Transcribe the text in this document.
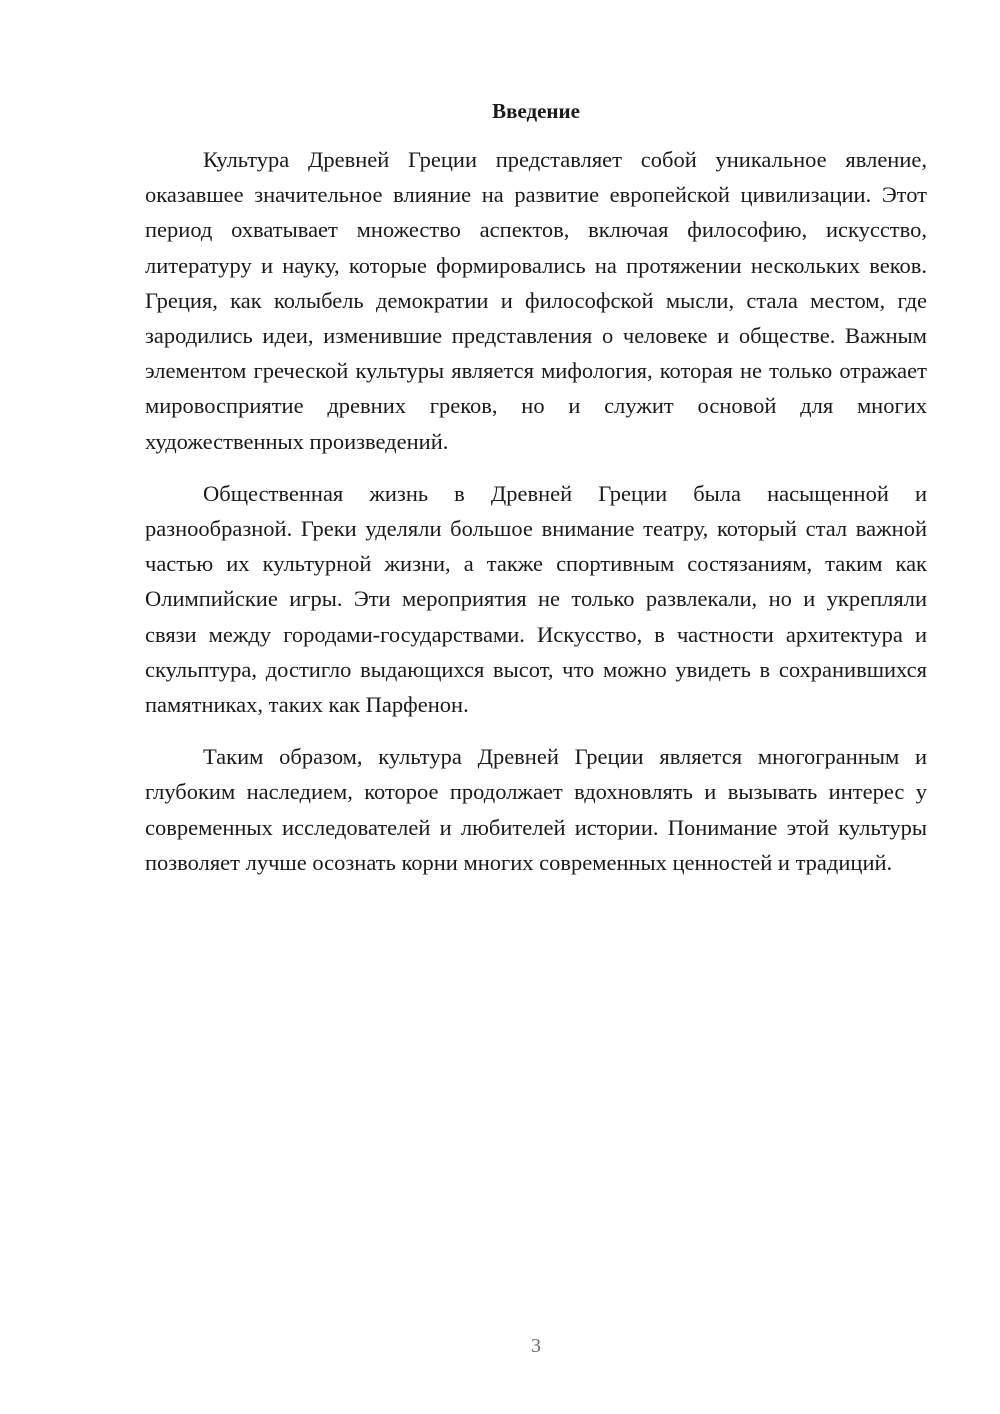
Введение

Культура Древней Греции представляет собой уникальное явление, оказавшее значительное влияние на развитие европейской цивилизации. Этот период охватывает множество аспектов, включая философию, искусство, литературу и науку, которые формировались на протяжении нескольких веков. Греция, как колыбель демократии и философской мысли, стала местом, где зародились идеи, изменившие представления о человеке и обществе. Важным элементом греческой культуры является мифология, которая не только отражает мировосприятие древних греков, но и служит основой для многих художественных произведений.

Общественная жизнь в Древней Греции была насыщенной и разнообразной. Греки уделяли большое внимание театру, который стал важной частью их культурной жизни, а также спортивным состязаниям, таким как Олимпийские игры. Эти мероприятия не только развлекали, но и укрепляли связи между городами-государствами. Искусство, в частности архитектура и скульптура, достигло выдающихся высот, что можно увидеть в сохранившихся памятниках, таких как Парфенон.

Таким образом, культура Древней Греции является многогранным и глубоким наследием, которое продолжает вдохновлять и вызывать интерес у современных исследователей и любителей истории. Понимание этой культуры позволяет лучше осознать корни многих современных ценностей и традиций.

3
